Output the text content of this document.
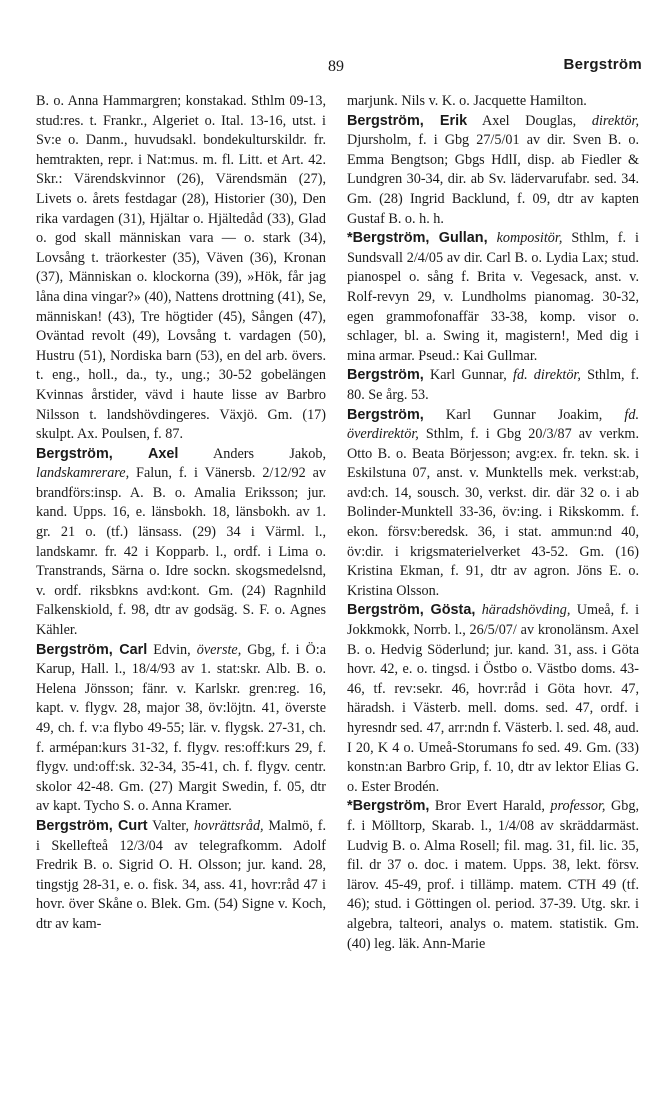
89	Bergström

B. o. Anna Hammargren; konstakad. Sthlm 09-13, stud:res. t. Frankr., Algeriet o. Ital. 13-16, utst. i Sv:e o. Danm., huvudsakl. bondekulturskildr. fr. hemtrakten, repr. i Nat:mus. m. fl. Litt. et Art. 42. Skr.: Värendskvinnor (26), Värendsmän (27), Livets o. årets festdagar (28), Historier (30), Den rika vardagen (31), Hjältar o. Hjältedåd (33), Glad o. god skall människan vara — o. stark (34), Lovsång t. träorkester (35), Väven (36), Kronan (37), Människan o. klockorna (39), »Hök, får jag låna dina vingar?» (40), Nattens drottning (41), Se, människan! (43), Tre högtider (45), Sången (47), Oväntad revolt (49), Lovsång t. vardagen (50), Hustru (51), Nordiska barn (53), en del arb. övers. t. eng., holl., da., ty., ung.; 30-52 gobelängen Kvinnas årstider, vävd i haute lisse av Barbro Nilsson t. landshövdingeres. Växjö. Gm. (17) skulpt. Ax. Poulsen, f. 87.

Bergström, Axel Anders Jakob, landskamrerare, Falun, f. i Vänersb. 2/12/92 av brandförs:insp. A. B. o. Amalia Eriksson; jur. kand. Upps. 16, e. länsbokh. 18, länsbokh. av 1. gr. 21 o. (tf.) länsass. (29) 34 i Värml. l., landskamr. fr. 42 i Kopparb. l., ordf. i Lima o. Transtrands, Särna o. Idre sockn. skogsmedelsnd, v. ordf. riksbkns avd:kont. Gm. (24) Ragnhild Falkenskiold, f. 98, dtr av godsäg. S. F. o. Agnes Kähler.

Bergström, Carl Edvin, överste, Gbg, f. i Ö:a Karup, Hall. l., 18/4/93 av 1. stat:skr. Alb. B. o. Helena Jönsson; fänr. v. Karlskr. gren:reg. 16, kapt. v. flygv. 28, major 38, öv:löjtn. 41, överste 49, ch. f. v:a flybo 49-55; lär. v. flygsk. 27-31, ch. f. armépan:kurs 31-32, f. flygv. res:off:kurs 29, f. flygv. und:off:sk. 32-34, 35-41, ch. f. flygv. centr. skolor 42-48. Gm. (27) Margit Swedin, f. 05, dtr av kapt. Tycho S. o. Anna Kramer.

Bergström, Curt Valter, hovrättsråd, Malmö, f. i Skellefteå 12/3/04 av telegrafkomm. Adolf Fredrik B. o. Sigrid O. H. Olsson; jur. kand. 28, tingstjg 28-31, e. o. fisk. 34, ass. 41, hovr:råd 47 i hovr. över Skåne o. Blek. Gm. (54) Signe v. Koch, dtr av kam-

marjunk. Nils v. K. o. Jacquette Hamilton.

Bergström, Erik Axel Douglas, direktör, Djursholm, f. i Gbg 27/5/01 av dir. Sven B. o. Emma Bengtson; Gbgs HdlI, disp. ab Fiedler & Lundgren 30-34, dir. ab Sv. lädervarufabr. sed. 34. Gm. (28) Ingrid Backlund, f. 09, dtr av kapten Gustaf B. o. h. h.

*Bergström, Gullan, kompositör, Sthlm, f. i Sundsvall 2/4/05 av dir. Carl B. o. Lydia Lax; stud. pianospel o. sång f. Brita v. Vegesack, anst. v. Rolf-revyn 29, v. Lundholms pianomag. 30-32, egen grammofonaffär 33-38, komp. visor o. schlager, bl. a. Swing it, magistern!, Med dig i mina armar. Pseud.: Kai Gullmar.

Bergström, Karl Gunnar, fd. direktör, Sthlm, f. 80. Se årg. 53.

Bergström, Karl Gunnar Joakim, fd. överdirektör, Sthlm, f. i Gbg 20/3/87 av verkm. Otto B. o. Beata Börjesson; avg:ex. fr. tekn. sk. i Eskilstuna 07, anst. v. Munktells mek. verkst:ab, avd:ch. 14, sousch. 30, verkst. dir. där 32 o. i ab Bolinder-Munktell 33-36, öv:ing. i Rikskomm. f. ekon. försv:beredsk. 36, i stat. ammun:nd 40, öv:dir. i krigsmaterielverket 43-52. Gm. (16) Kristina Ekman, f. 91, dtr av agron. Jöns E. o. Kristina Olsson.

Bergström, Gösta, häradshövding, Umeå, f. i Jokkmokk, Norrb. l., 26/5/07/ av kronolänsm. Axel B. o. Hedvig Söderlund; jur. kand. 31, ass. i Göta hovr. 42, e. o. tingsd. i Östbo o. Västbo doms. 43-46, tf. rev:sekr. 46, hovr:råd i Göta hovr. 47, häradsh. i Västerb. mell. doms. sed. 47, ordf. i hyresndr sed. 47, arr:ndn f. Västerb. l. sed. 48, aud. I 20, K 4 o. Umeå-Storumans fo sed. 49. Gm. (33) konstn:an Barbro Grip, f. 10, dtr av lektor Elias G. o. Ester Brodén.

*Bergström, Bror Evert Harald, professor, Gbg, f. i Mölltorp, Skarab. l., 1/4/08 av skräddarmäst. Ludvig B. o. Alma Rosell; fil. mag. 31, fil. lic. 35, fil. dr 37 o. doc. i matem. Upps. 38, lekt. försv. lärov. 45-49, prof. i tillämp. matem. CTH 49 (tf. 46); stud. i Göttingen ol. period. 37-39. Utg. skr. i algebra, talteori, analys o. matem. statistik. Gm. (40) leg. läk. Ann-Marie
